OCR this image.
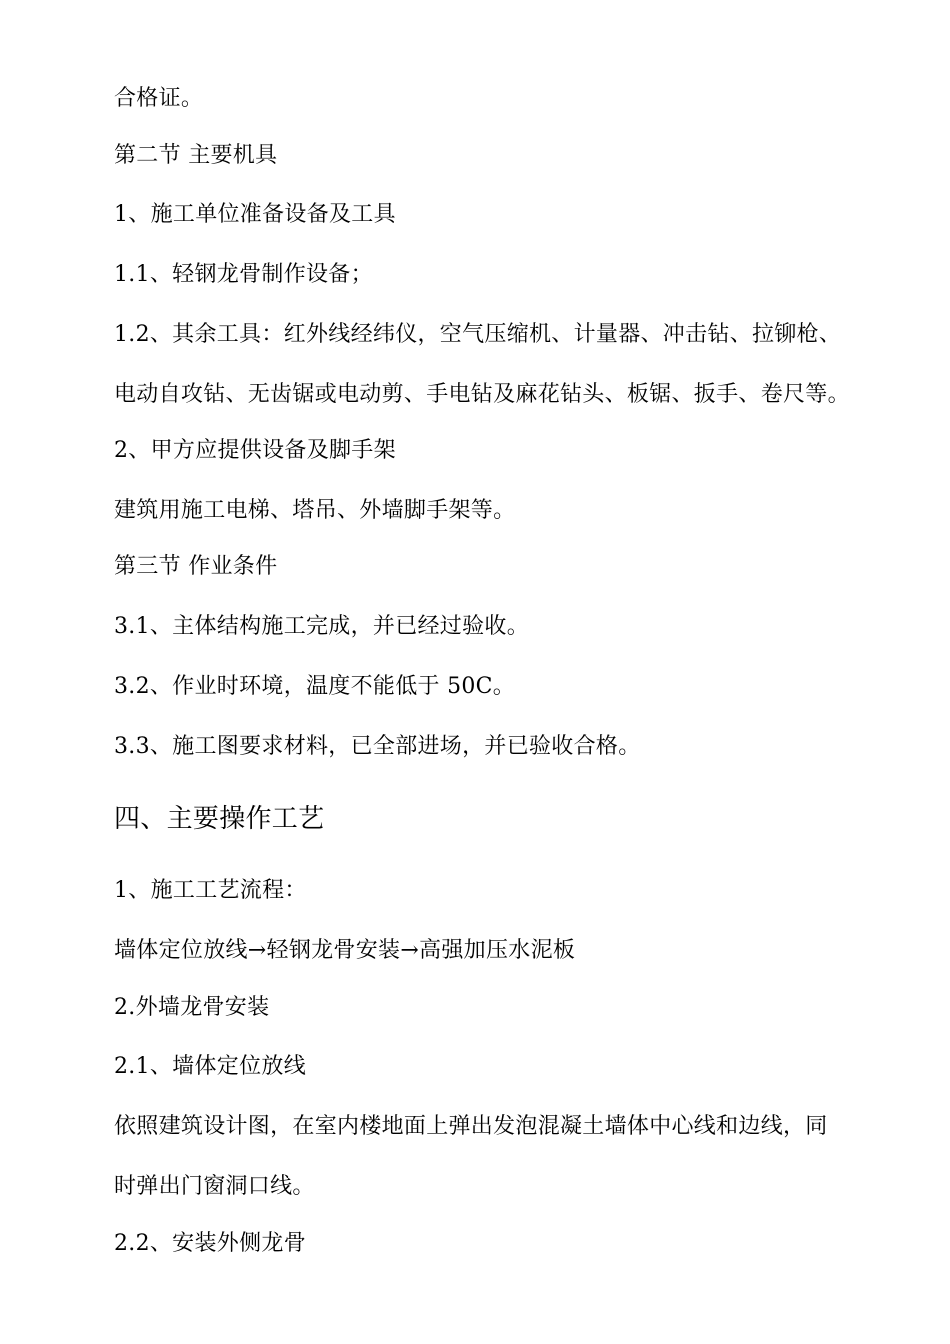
合格证。

第二节 主要机具

1、施工单位准备设备及工具

1.1、轻钢龙骨制作设备；

1.2、其余工具：红外线经纬仪，空气压缩机、计量器、冲击钻、拉铆枪、

电动自攻钻、无齿锯或电动剪、手电钻及麻花钻头、板锯、扳手、卷尺等。

2、甲方应提供设备及脚手架

建筑用施工电梯、塔吊、外墙脚手架等。

第三节 作业条件

3.1、主体结构施工完成，并已经过验收。

3.2、作业时环境，温度不能低于 50C。

3.3、施工图要求材料，已全部进场，并已验收合格。

四、主要操作工艺

1、施工工艺流程：

墙体定位放线→轻钢龙骨安装→高强加压水泥板

2.外墙龙骨安装

2.1、墙体定位放线

依照建筑设计图，在室内楼地面上弹出发泡混凝土墙体中心线和边线，同

时弹出门窗洞口线。

2.2、安装外侧龙骨
